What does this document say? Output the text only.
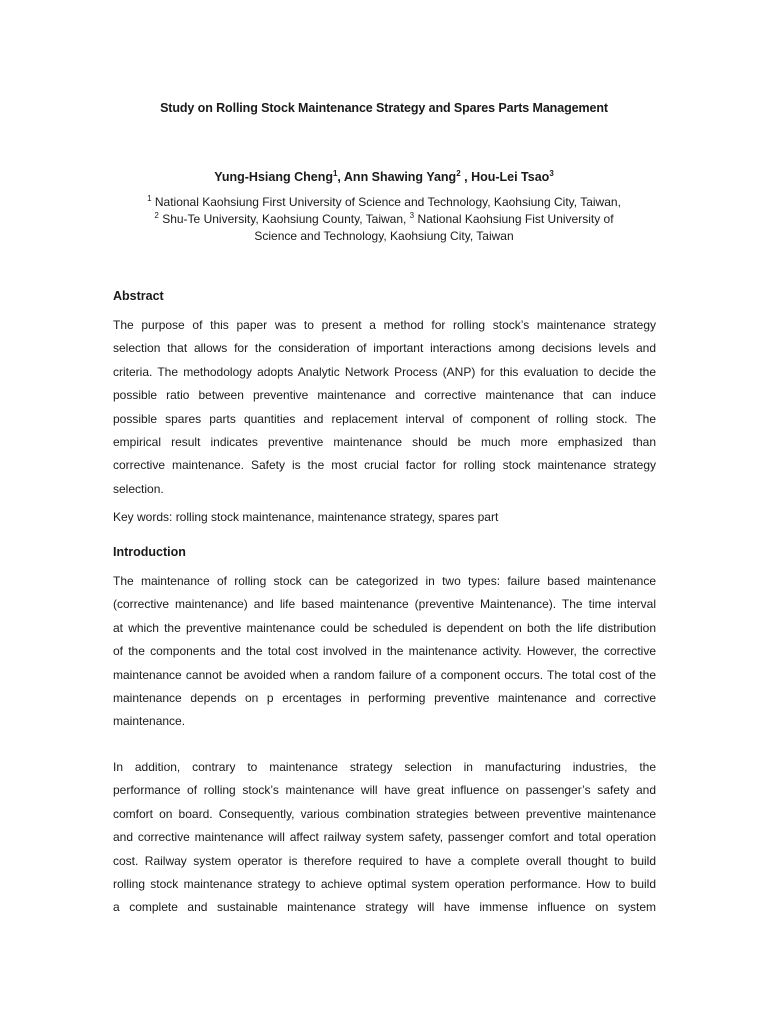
Study on Rolling Stock Maintenance Strategy and Spares Parts Management
Yung-Hsiang Cheng$^1$, Ann Shawing Yang$^2$ , Hou-Lei Tsao$^3$
$^1$ National Kaohsiung First University of Science and Technology, Kaohsiung City, Taiwan,
$^2$ Shu-Te University, Kaohsiung County, Taiwan, $^3$ National Kaohsiung Fist University of
Science and Technology, Kaohsiung City, Taiwan
Abstract
The purpose of this paper was to present a method for rolling stock’s maintenance strategy
selection that allows for the consideration of important interactions among decisions levels and
criteria. The methodology adopts Analytic Network Process (ANP) for this evaluation to decide the
possible ratio between preventive maintenance and corrective maintenance that can induce
possible spares parts quantities and replacement interval of component of rolling stock. The
empirical result indicates preventive maintenance should be much more emphasized than
corrective maintenance. Safety is the most crucial factor for rolling stock maintenance strategy
selection.
Key words: rolling stock maintenance, maintenance strategy, spares part
Introduction
The maintenance of rolling stock can be categorized in two types: failure based maintenance
(corrective maintenance) and life based maintenance (preventive Maintenance). The time interval
at which the preventive maintenance could be scheduled is dependent on both the life distribution
of the components and the total cost involved in the maintenance activity. However, the corrective
maintenance cannot be avoided when a random failure of a component occurs. The total cost of the
maintenance depends on p ercentages in performing preventive maintenance and corrective
maintenance.
In addition, contrary to maintenance strategy selection in manufacturing industries, the
performance of rolling stock’s maintenance will have great influence on passenger’s safety and
comfort on board. Consequently, various combination strategies between preventive maintenance
and corrective maintenance will affect railway system safety, passenger comfort and total operation
cost. Railway system operator is therefore required to have a complete overall thought to build
rolling stock maintenance strategy to achieve optimal system operation performance. How to build
a complete and sustainable maintenance strategy will have immense influence on system
